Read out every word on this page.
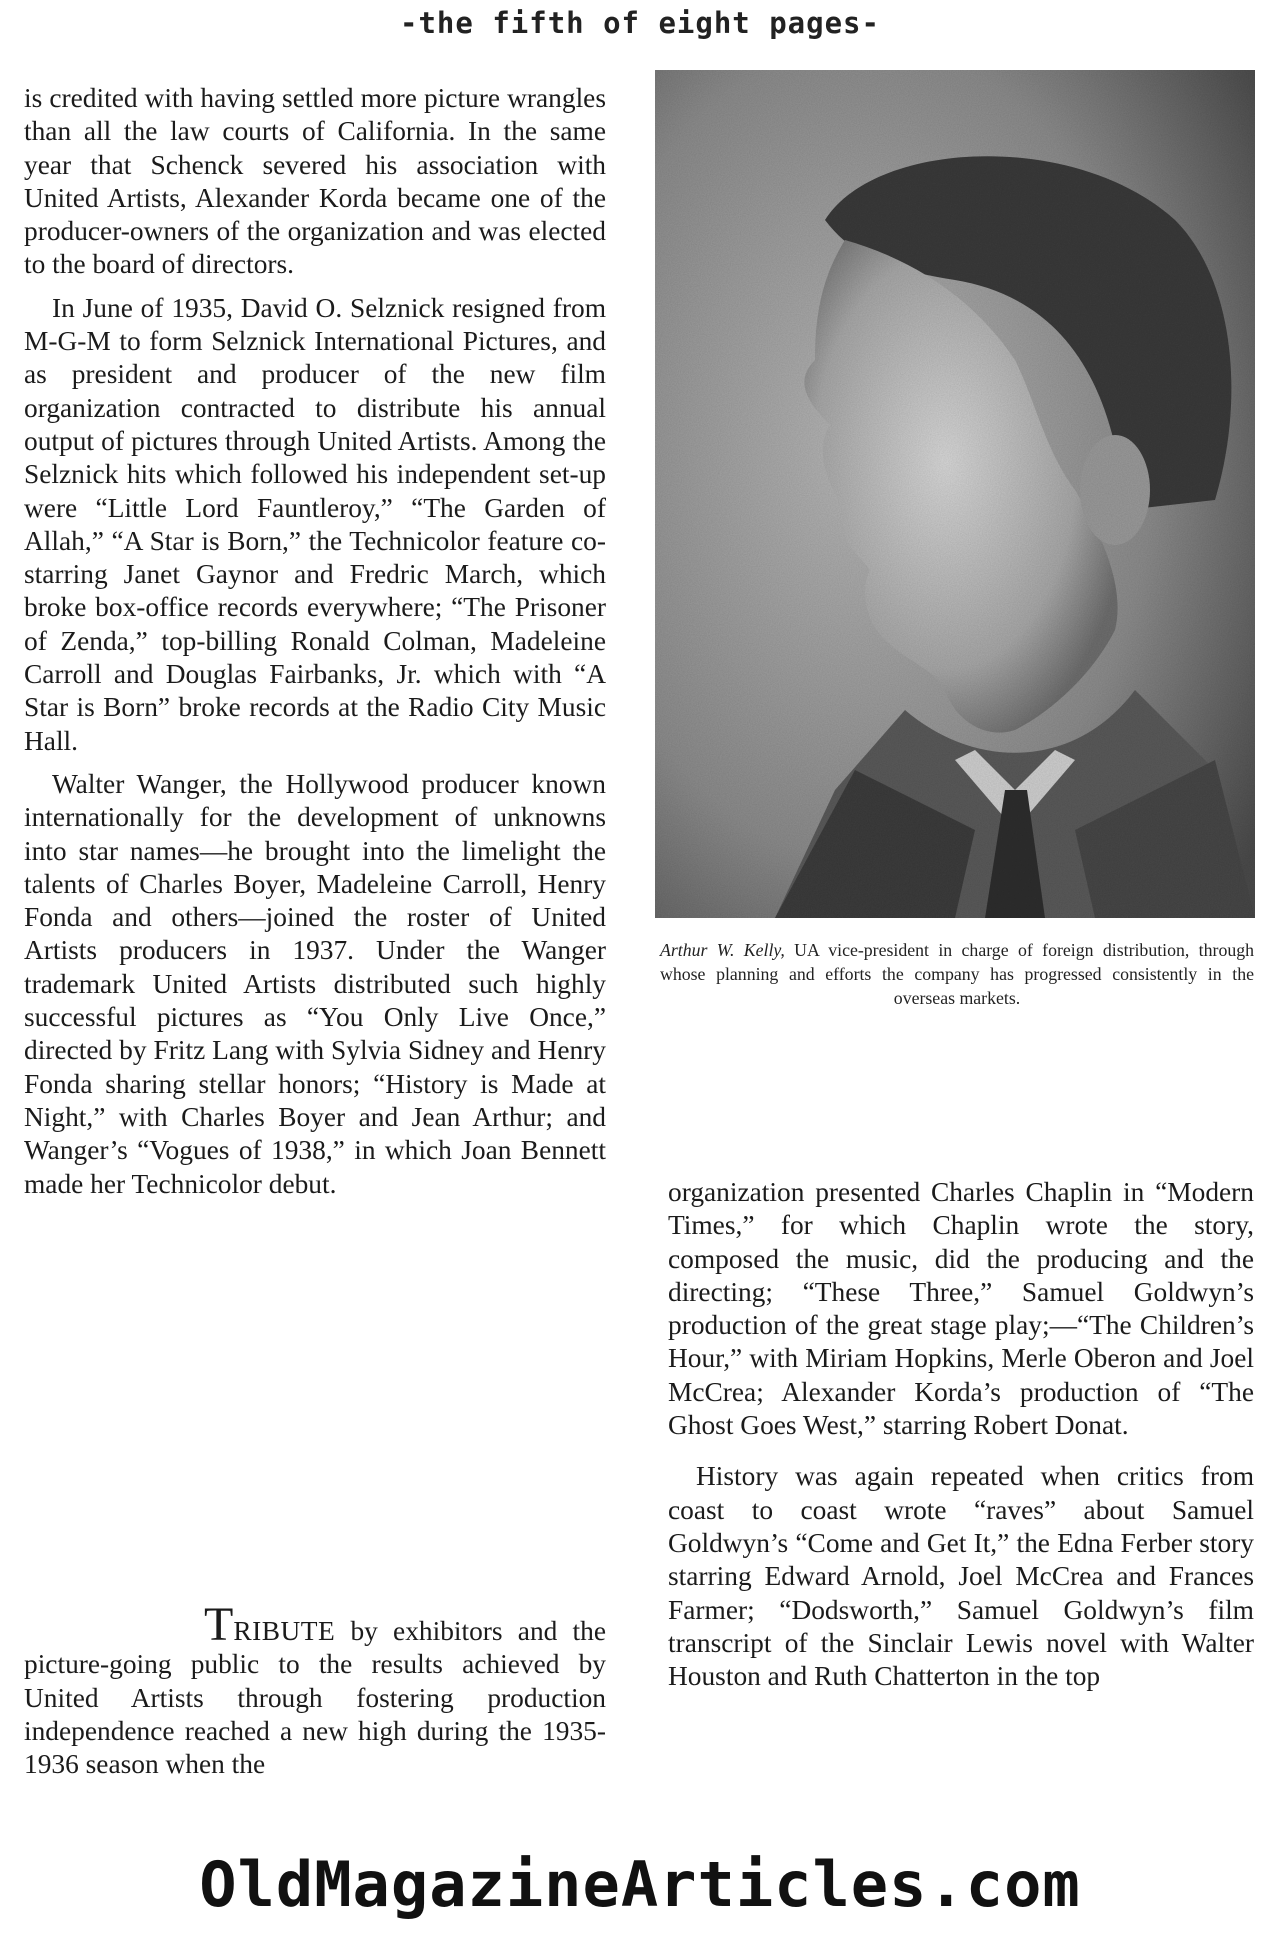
-the fifth of eight pages-

is credited with having settled more picture wrangles than all the law courts of California. In the same year that Schenck severed his association with United Artists, Alexander Korda became one of the producer-owners of the organization and was elected to the board of directors.

In June of 1935, David O. Selznick resigned from M-G-M to form Selznick International Pictures, and as president and producer of the new film organization contracted to distribute his annual output of pictures through United Artists. Among the Selznick hits which followed his independent set-up were “Little Lord Fauntleroy,” “The Garden of Allah,” “A Star is Born,” the Technicolor feature co-starring Janet Gaynor and Fredric March, which broke box-office records everywhere; “The Prisoner of Zenda,” top-billing Ronald Colman, Madeleine Carroll and Douglas Fairbanks, Jr. which with “A Star is Born” broke records at the Radio City Music Hall.

Walter Wanger, the Hollywood producer known internationally for the development of unknowns into star names—he brought into the limelight the talents of Charles Boyer, Madeleine Carroll, Henry Fonda and others—joined the roster of United Artists producers in 1937. Under the Wanger trademark United Artists distributed such highly successful pictures as “You Only Live Once,” directed by Fritz Lang with Sylvia Sidney and Henry Fonda sharing stellar honors; “History is Made at Night,” with Charles Boyer and Jean Arthur; and Wanger’s “Vogues of 1938,” in which Joan Bennett made her Technicolor debut.

TRIBUTE by exhibitors and the picture-going public to the results achieved by United Artists through fostering production independence reached a new high during the 1935-1936 season when the

Arthur W. Kelly, UA vice-president in charge of foreign distribution, through whose planning and efforts the company has progressed consistently in the overseas markets.

organization presented Charles Chaplin in “Modern Times,” for which Chaplin wrote the story, composed the music, did the producing and the directing; “These Three,” Samuel Goldwyn’s production of the great stage play;—“The Children’s Hour,” with Miriam Hopkins, Merle Oberon and Joel McCrea; Alexander Korda’s production of “The Ghost Goes West,” starring Robert Donat.

History was again repeated when critics from coast to coast wrote “raves” about Samuel Goldwyn’s “Come and Get It,” the Edna Ferber story starring Edward Arnold, Joel McCrea and Frances Farmer; “Dodsworth,” Samuel Goldwyn’s film transcript of the Sinclair Lewis novel with Walter Houston and Ruth Chatterton in the top

OldMagazineArticles.com
